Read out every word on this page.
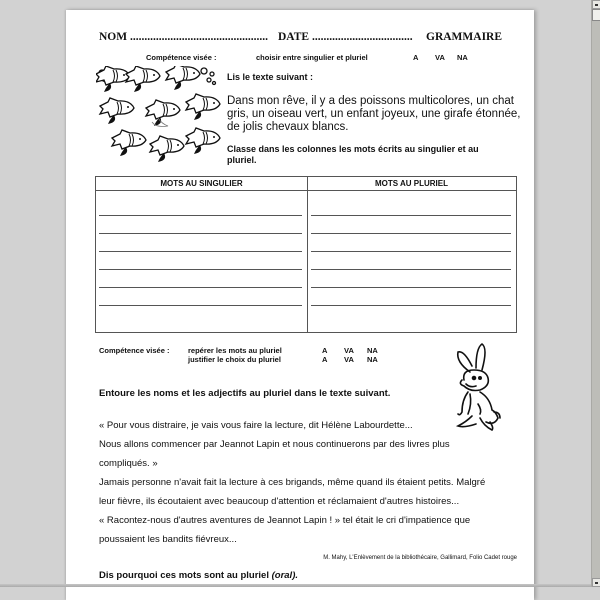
NOM ................................................ DATE ................................... GRAMMAIRE
Compétence visée :	choisir entre singulier et pluriel	A VA NA
Lis le texte suivant :
Dans mon rêve, il y a des poissons multicolores, un chat
gris, un oiseau vert, un enfant joyeux, une girafe étonnée,
de jolis chevaux blancs.
Classe dans les colonnes les mots écrits au singulier et au
pluriel.
MOTS AU SINGULIER	MOTS AU PLURIEL
Compétence visée : repérer les mots au pluriel	A VA NA
justifier le choix du pluriel	A VA NA
Entoure les noms et les adjectifs au pluriel dans le texte suivant.
« Pour vous distraire, je vais vous faire la lecture, dit Hélène Labourdette...
Nous allons commencer par Jeannot Lapin et nous continuerons par des livres plus
compliqués. »
Jamais personne n'avait fait la lecture à ces brigands, même quand ils étaient petits. Malgré
leur fièvre, ils écoutaient avec beaucoup d'attention et réclamaient d'autres histoires...
« Racontez-nous d'autres aventures de Jeannot Lapin ! » tel était le cri d'impatience que
poussaient les bandits fiévreux...
M. Mahy, L'Enlèvement de la bibliothécaire, Gallimard, Folio Cadet rouge
Dis pourquoi ces mots sont au pluriel (oral).
